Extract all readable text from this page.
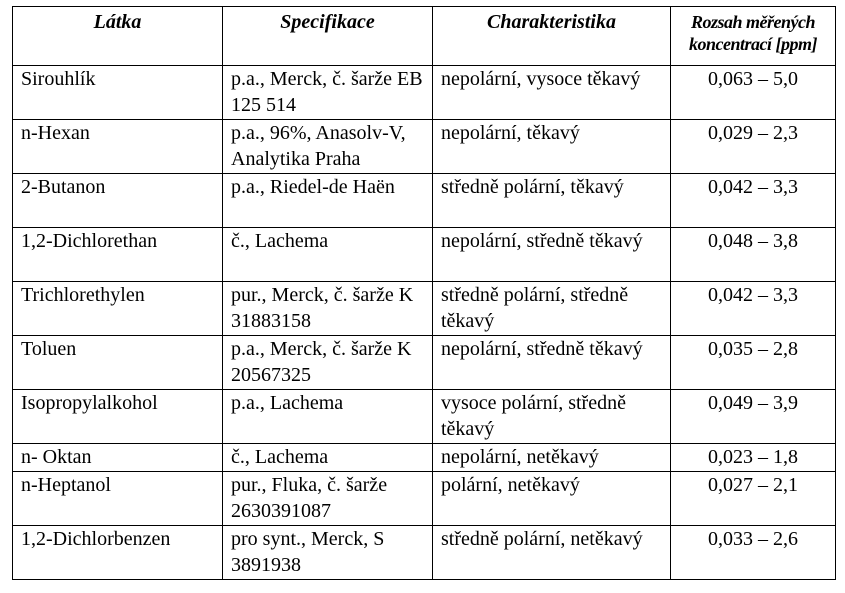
Látka	Specifikace	Charakteristika	Rozsah měřených koncentrací [ppm]
Sirouhlík	p.a., Merck, č. šarže EB 125 514	nepolární, vysoce těkavý	0,063 – 5,0
n-Hexan	p.a., 96%, Anasolv-V, Analytika Praha	nepolární, těkavý	0,029 – 2,3
2-Butanon	p.a., Riedel-de Haën	středně polární, těkavý	0,042 – 3,3
1,2-Dichlorethan	č., Lachema	nepolární, středně těkavý	0,048 – 3,8
Trichlorethylen	pur., Merck, č. šarže K 31883158	středně polární, středně těkavý	0,042 – 3,3
Toluen	p.a., Merck, č. šarže K 20567325	nepolární, středně těkavý	0,035 – 2,8
Isopropylalkohol	p.a., Lachema	vysoce polární, středně těkavý	0,049 – 3,9
n- Oktan	č., Lachema	nepolární, netěkavý	0,023 – 1,8
n-Heptanol	pur., Fluka, č. šarže 2630391087	polární, netěkavý	0,027 – 2,1
1,2-Dichlorbenzen	pro synt., Merck, S 3891938	středně polární, netěkavý	0,033 – 2,6
